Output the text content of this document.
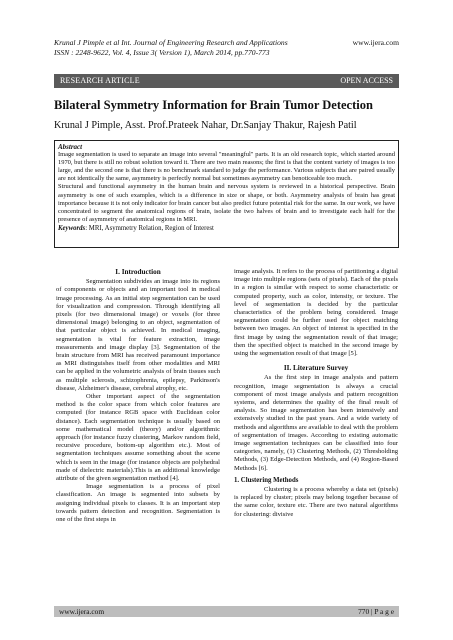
Krunal J Pimple et al Int. Journal of Engineering Research and Applications
ISSN : 2248-9622, Vol. 4, Issue 3( Version 1), March 2014, pp.770-773
www.ijera.com
RESEARCH ARTICLE	OPEN ACCESS
Bilateral Symmetry Information for Brain Tumor Detection
Krunal J Pimple, Asst. Prof.Prateek Nahar, Dr.Sanjay Thakur, Rajesh Patil
Abstract

Image segmentation is used to separate an image into several "meaningful" parts. It is an old research topic, which started around 1970, but there is still no robust solution toward it. There are two main reasons; the first is that the content variety of images is too large, and the second one is that there is no benchmark standard to judge the performance. Various subjects that are paired usually are not identically the same, asymmetry is perfectly normal but sometimes asymmetry can benoticeable too much.

Structural and functional asymmetry in the human brain and nervous system is reviewed in a historical perspective. Brain asymmetry is one of such examples, which is a difference in size or shape, or both. Asymmetry analysis of brain has great importance because it is not only indicator for brain cancer but also predict future potential risk for the same. In our work, we have concentrated to segment the anatomical regions of brain, isolate the two halves of brain and to investigate each half for the presence of asymmetry of anatomical regions in MRI.

Keywords: MRI, Asymmetry Relation, Region of Interest
I. Introduction

Segmentation subdivides an image into its regions of components or objects and an important tool in medical image processing. As an initial step segmentation can be used for visualization and compression. Through identifying all pixels (for two dimensional image) or voxels (for three dimensional image) belonging to an object, segmentation of that particular object is achieved. In medical imaging, segmentation is vital for feature extraction, image measurements and image display [3]. Segmentation of the brain structure from MRI has received paramount importance as MRI distinguishes itself from other modalities and MRI can be applied in the volumetric analysis of brain tissues such as multiple sclerosis, schizophrenia, epilepsy, Parkinson's disease, Alzheimer's disease, cerebral atrophy, etc.

Other important aspect of the segmentation method is the color space from which color features are computed (for instance RGB space with Euclidean color distance). Each segmentation technique is usually based on some mathematical model (theory) and/or algorithmic approach (for instance fuzzy clustering, Markov random field, recursive procedure, bottom-up algorithm etc.). Most of segmentation techniques assume something about the scene which is seen in the image (for instance objects are polyhedral made of dielectric materials).This is an additional knowledge attribute of the given segmentation method [4].

Image segmentation is a process of pixel classification. An image is segmented into subsets by assigning individual pixels to classes. It is an important step towards pattern detection and recognition. Segmentation is one of the first steps in

image analysis. It refers to the process of partitioning a digital image into multiple regions (sets of pixels). Each of the pixels in a region is similar with respect to some characteristic or computed property, such as color, intensity, or texture. The level of segmentation is decided by the particular characteristics of the problem being considered. Image segmentation could be further used for object matching between two images. An object of interest is specified in the first image by using the segmentation result of that image; then the specified object is matched in the second image by using the segmentation result of that image [5].

II. Literature Survey

As the first step in image analysis and pattern recognition, image segmentation is always a crucial component of most image analysis and pattern recognition systems, and determines the quality of the final result of analysis. So image segmentation has been intensively and extensively studied in the past years. And a wide variety of methods and algorithms are available to deal with the problem of segmentation of images. According to existing automatic image segmentation techniques can be classified into four categories, namely, (1) Clustering Methods, (2) Thresholding Methods, (3) Edge-Detection Methods, and (4) Region-Based Methods [6].

1. Clustering Methods

Clustering is a process whereby a data set (pixels) is replaced by cluster; pixels may belong together because of the same color, texture etc. There are two natural algorithms for clustering: divisive

www.ijera.com	770 | P a g e
